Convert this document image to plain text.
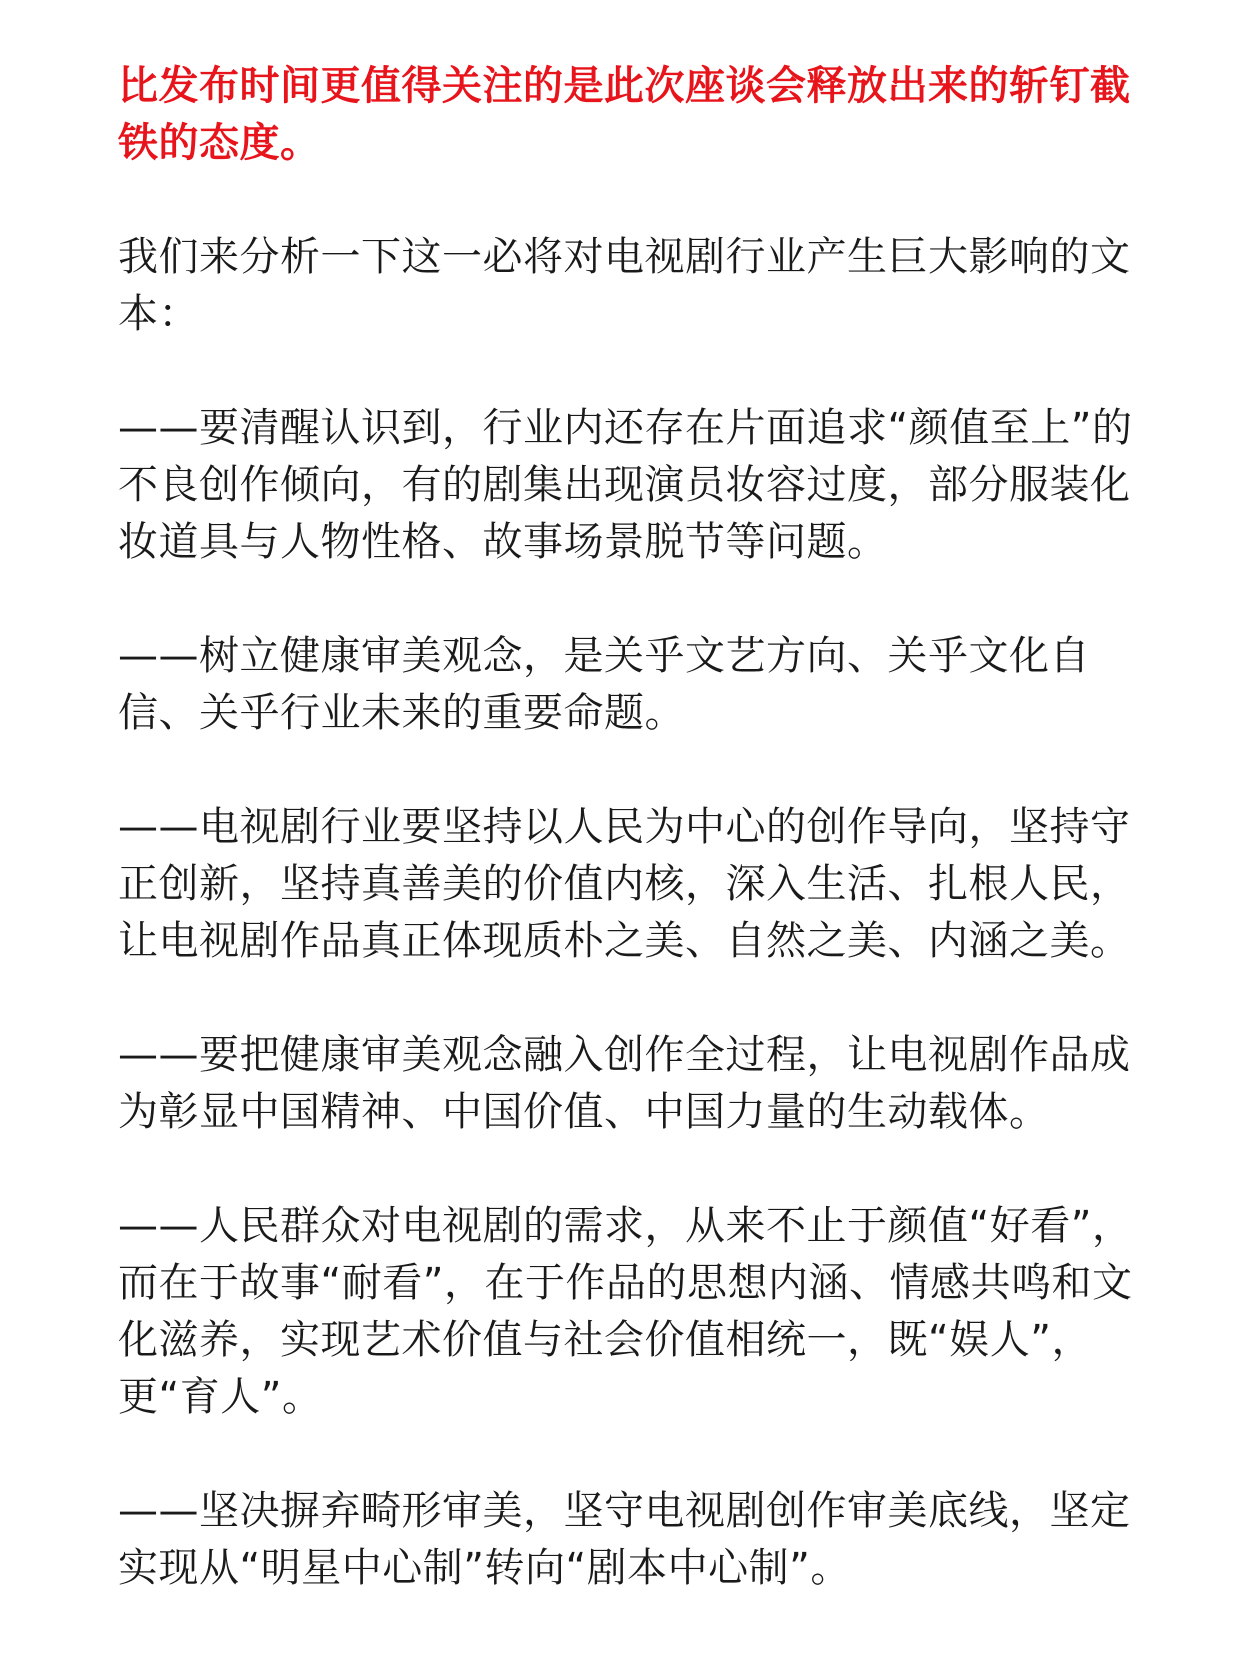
比发布时间更值得关注的是此次座谈会释放出来的斩钉截铁的态度。

我们来分析一下这一必将对电视剧行业产生巨大影响的文本：

——要清醒认识到，行业内还存在片面追求“颜值至上”的不良创作倾向，有的剧集出现演员妆容过度，部分服装化妆道具与人物性格、故事场景脱节等问题。

——树立健康审美观念，是关乎文艺方向、关乎文化自信、关乎行业未来的重要命题。

——电视剧行业要坚持以人民为中心的创作导向，坚持守正创新，坚持真善美的价值内核，深入生活、扎根人民，让电视剧作品真正体现质朴之美、自然之美、内涵之美。

——要把健康审美观念融入创作全过程，让电视剧作品成为彰显中国精神、中国价值、中国力量的生动载体。

——人民群众对电视剧的需求，从来不止于颜值“好看”，而在于故事“耐看”，在于作品的思想内涵、情感共鸣和文化滋养，实现艺术价值与社会价值相统一，既“娱人”，更“育人”。

——坚决摒弃畸形审美，坚守电视剧创作审美底线，坚定实现从“明星中心制”转向“剧本中心制”。
